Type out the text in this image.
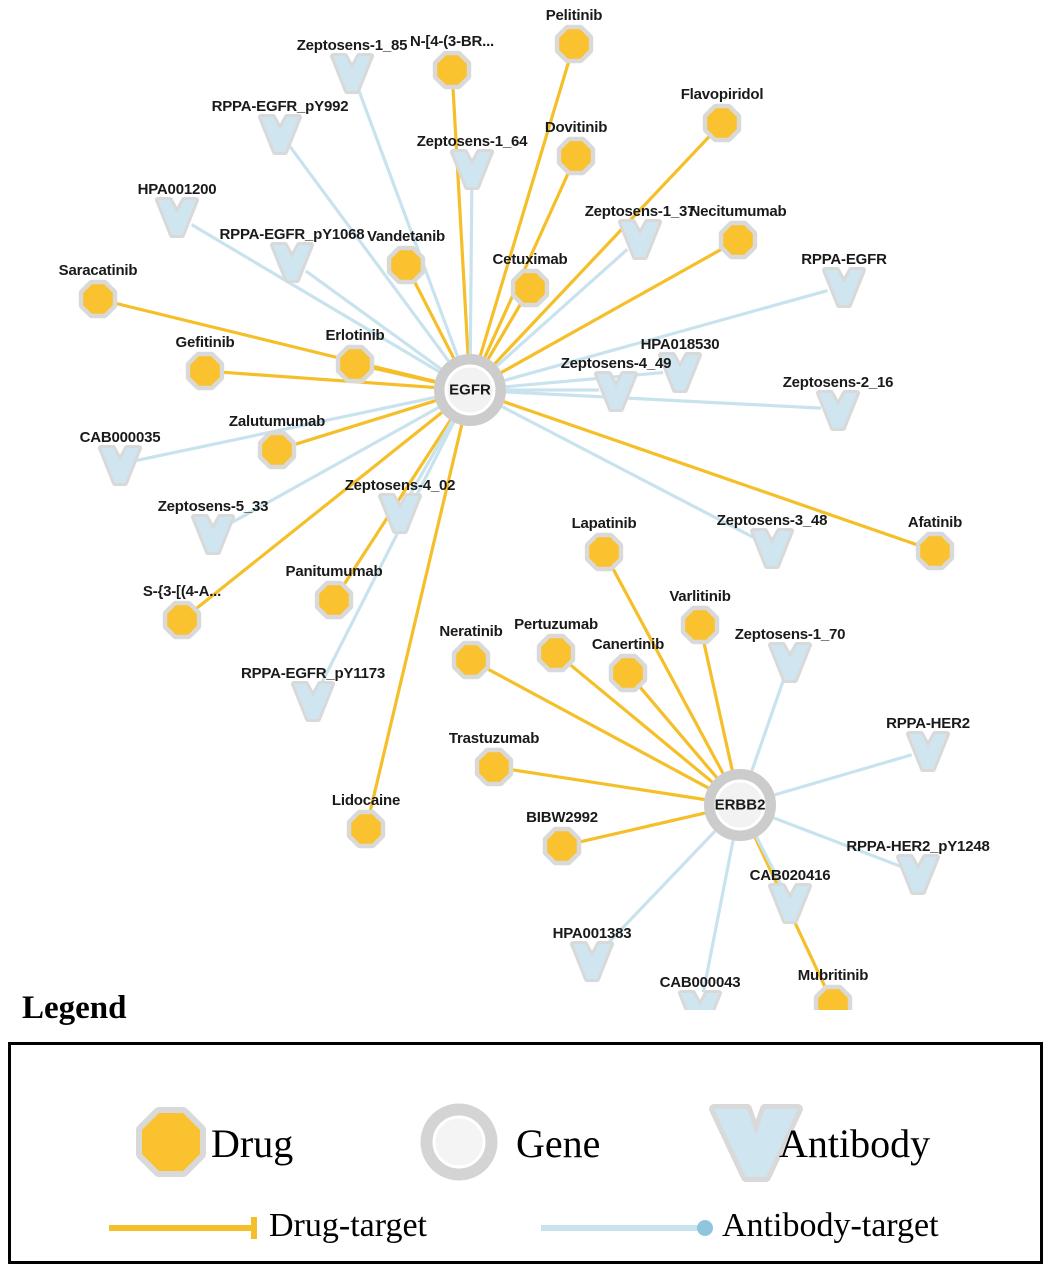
Pelitinib
N-[4-(3-BR...
Flavopiridol
Dovitinib
Necitumumab
Vandetanib
Cetuximab
Saracatinib
Gefitinib	Erlotinib
Zalutumumab
Panitumumab
S-{3-[(4-A...
Lidocaine
Afatinib
Lapatinib
Varlitinib
Neratinib Pertuzumab
Canertinib
Trastuzumab
BIBW2992
Mubritinib
Zeptosens-1_85
RPPA-EGFR_pY992
Zeptosens-1_64
HPA001200
Zeptosens-1_37
RPPA-EGFR_pY1068
RPPA-EGFR
HPA018530
Zeptosens-4_49
Zeptosens-2_16
CAB000035
Zeptosens-4_02
Zeptosens-5_33
Zeptosens-3_48
Zeptosens-1_70
RPPA-EGFR_pY1173
RPPA-HER2
RPPA-HER2_pY1248
CAB020416
HPA001383
CAB000043
EGFR
ERBB2
Legend
Drug	Gene	Antibody
Drug-target	Antibody-target
